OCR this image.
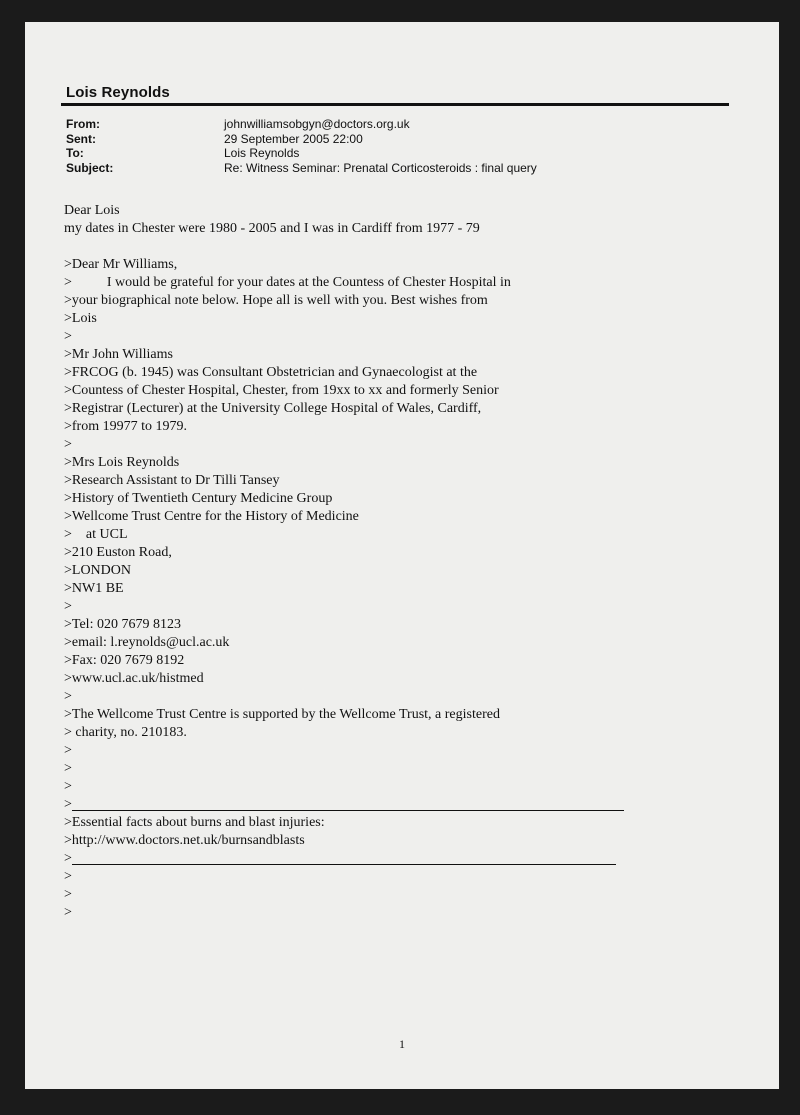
Lois Reynolds
From:	johnwilliamsobgyn@doctors.org.uk
Sent:	29 September 2005 22:00
To:	Lois Reynolds
Subject:	Re: Witness Seminar: Prenatal Corticosteroids : final query
Dear Lois
my dates in Chester were 1980 - 2005 and I was in Cardiff from 1977 - 79
>Dear Mr Williams,
>          I would be grateful for your dates at the Countess of Chester Hospital in
>your biographical note below. Hope all is well with you. Best wishes from
>Lois
>
>Mr John Williams
>FRCOG (b. 1945) was Consultant Obstetrician and Gynaecologist at the
>Countess of Chester Hospital, Chester, from 19xx to xx and formerly Senior
>Registrar (Lecturer) at the University College Hospital of Wales, Cardiff,
>from 19977 to 1979.
>
>Mrs Lois Reynolds
>Research Assistant to Dr Tilli Tansey
>History of Twentieth Century Medicine Group
>Wellcome Trust Centre for the History of Medicine
>    at UCL
>210 Euston Road,
>LONDON
>NW1 BE
>
>Tel: 020 7679 8123
>email: l.reynolds@ucl.ac.uk
>Fax: 020 7679 8192
>www.ucl.ac.uk/histmed
>
>The Wellcome Trust Centre is supported by the Wellcome Trust, a registered
> charity, no. 210183.
>
>
>
>
>Essential facts about burns and blast injuries:
>http://www.doctors.net.uk/burnsandblasts
>
>
>
>
1
